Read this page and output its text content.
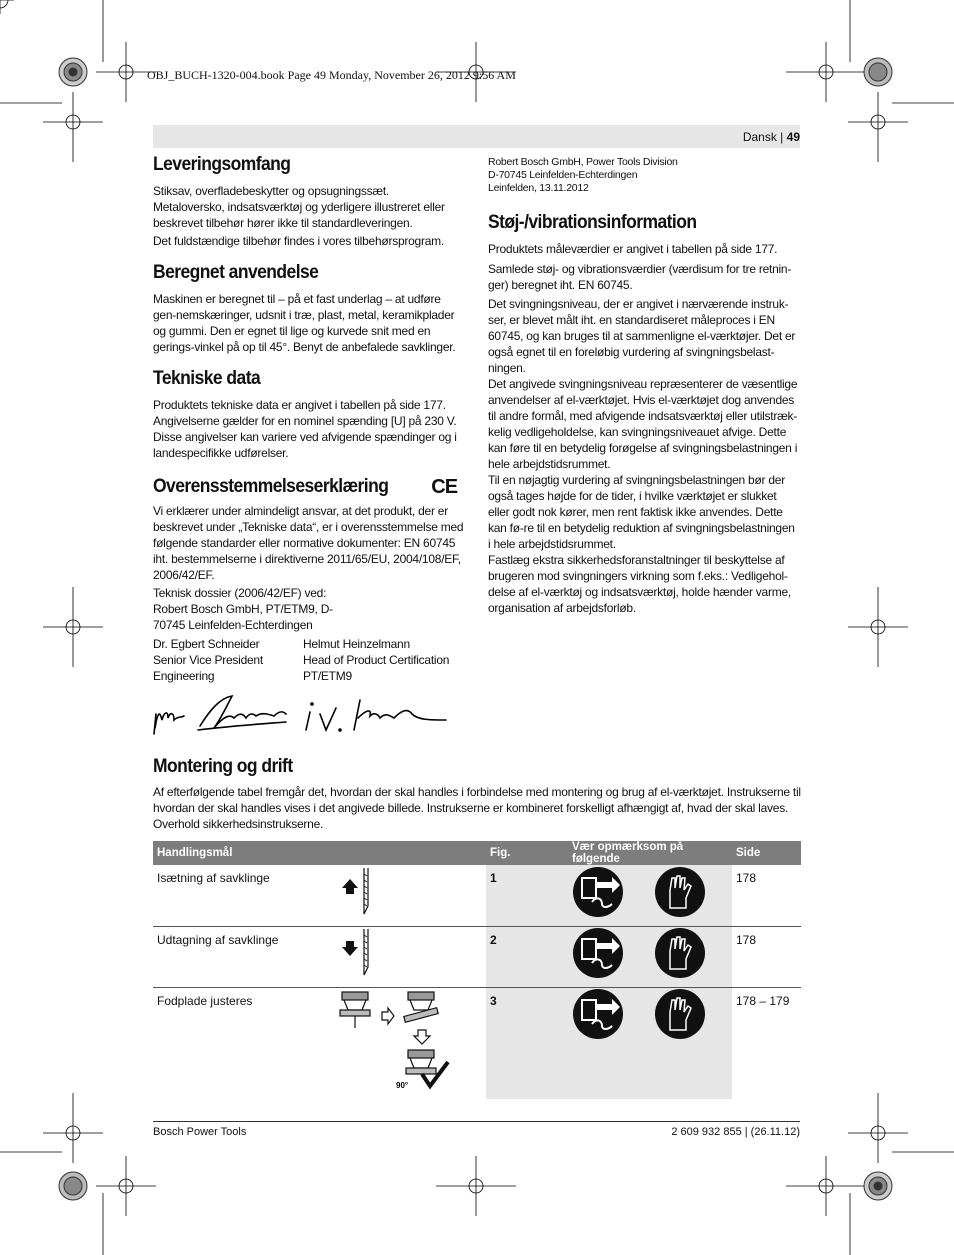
OBJ_BUCH-1320-004.book Page 49 Monday, November 26, 2012 9:56 AM
Dansk | 49
Leveringsomfang

Stiksav, overfladebeskytter og opsugningssæt.

Metaloversko, indsatsværktøj og yderligere illustreret eller beskrevet tilbehør hører ikke til standardleveringen.

Det fuldstændige tilbehør findes i vores tilbehørsprogram.

Beregnet anvendelse

Maskinen er beregnet til – på et fast underlag – at udføre gen-nemskæringer, udsnit i træ, plast, metal, keramikplader og gummi. Den er egnet til lige og kurvede snit med en gerings-vinkel på op til 45°. Benyt de anbefalede savklinger.

Tekniske data

Produktets tekniske data er angivet i tabellen på side 177.

Angivelserne gælder for en nominel spænding [U] på 230 V. Disse angivelser kan variere ved afvigende spændinger og i landespecifikke udførelser.

Overensstemmelseserklæring CE

Vi erklærer under almindeligt ansvar, at det produkt, der er beskrevet under „Tekniske data“, er i overensstemmelse med følgende standarder eller normative dokumenter: EN 60745 iht. bestemmelserne i direktiverne 2011/65/EU, 2004/108/EF, 2006/42/EF.

Teknisk dossier (2006/42/EF) ved: Robert Bosch GmbH, PT/ETM9, D-70745 Leinfelden-Echterdingen

Dr. Egbert Schneider	Helmut Heinzelmann
Senior Vice President	Head of Product Certification
Engineering	PT/ETM9

Robert Bosch GmbH, Power Tools Division

D-70745 Leinfelden-Echterdingen

Leinfelden, 13.11.2012

Støj-/vibrationsinformation

Produktets måleværdier er angivet i tabellen på side 177.

Samlede støj- og vibrationsværdier (værdisum for tre retnin-ger) beregnet iht. EN 60745.

Det svingningsniveau, der er angivet i nærværende instruk-ser, er blevet målt iht. en standardiseret måleproces i EN 60745, og kan bruges til at sammenligne el-værktøjer. Det er også egnet til en foreløbig vurdering af svingningsbelast-ningen.

Det angivede svingningsniveau repræsenterer de væsentlige anvendelser af el-værktøjet. Hvis el-værktøjet dog anvendes til andre formål, med afvigende indsatsværktøj eller utilstræk-kelig vedligeholdelse, kan svingningsniveauet afvige. Dette kan føre til en betydelig forøgelse af svingningsbelastningen i hele arbejdstidsrummet.

Til en nøjagtig vurdering af svingningsbelastningen bør der også tages højde for de tider, i hvilke værktøjet er slukket eller godt nok kører, men rent faktisk ikke anvendes. Dette kan fø-re til en betydelig reduktion af svingningsbelastningen i hele arbejdstidsrummet.

Fastlæg ekstra sikkerhedsforanstaltninger til beskyttelse af brugeren mod svingningers virkning som f.eks.: Vedligehol-delse af el-værktøj og indsatsværktøj, holde hænder varme, organisation af arbejdsforløb.

Montering og drift

Af efterfølgende tabel fremgår det, hvordan der skal handles i forbindelse med montering og brug af el-værktøjet. Instrukserne til hvordan der skal handles vises i det angivede billede. Instrukserne er kombineret forskelligt afhængigt af, hvad der skal laves. Overhold sikkerhedsinstrukserne.

Handlingsmål	Fig.	Vær opmærksom på følgende	Side
Isætning af savklinge	1		178
Udtagning af savklinge	2		178
Fodplade justeres	3		178 – 179
90°
Bosch Power Tools	2 609 932 855 | (26.11.12)
